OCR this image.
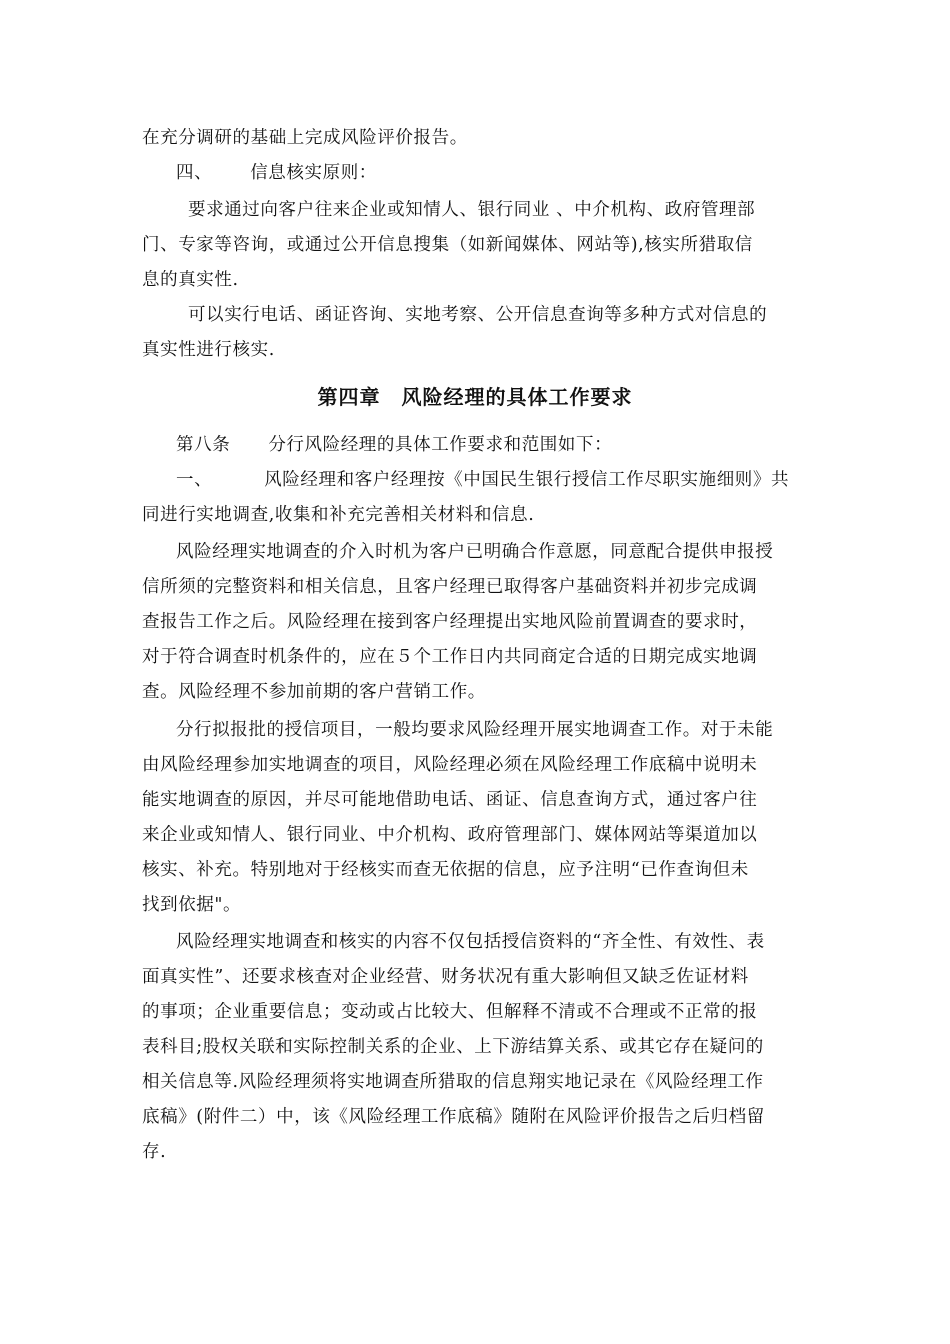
在充分调研的基础上完成风险评价报告。
四、 信息核实原则：
要求通过向客户往来企业或知情人、银行同业 、中介机构、政府管理部
门、专家等咨询，或通过公开信息搜集（如新闻媒体、网站等),核实所猎取信
息的真实性.
可以实行电话、函证咨询、实地考察、公开信息查询等多种方式对信息的
真实性进行核实.
第四章　风险经理的具体工作要求
第八条 分行风险经理的具体工作要求和范围如下：
一、	风险经理和客户经理按《中国民生银行授信工作尽职实施细则》共
同进行实地调查,收集和补充完善相关材料和信息.
风险经理实地调查的介入时机为客户已明确合作意愿，同意配合提供申报授
信所须的完整资料和相关信息，且客户经理已取得客户基础资料并初步完成调
查报告工作之后。风险经理在接到客户经理提出实地风险前置调查的要求时，
对于符合调查时机条件的，应在５个工作日内共同商定合适的日期完成实地调
查。风险经理不参加前期的客户营销工作。
分行拟报批的授信项目，一般均要求风险经理开展实地调查工作。对于未能
由风险经理参加实地调查的项目，风险经理必须在风险经理工作底稿中说明未
能实地调查的原因，并尽可能地借助电话、函证、信息查询方式，通过客户往
来企业或知情人、银行同业、中介机构、政府管理部门、媒体网站等渠道加以
核实、补充。特别地对于经核实而查无依据的信息，应予注明“已作查询但未
找到依据"。
风险经理实地调查和核实的内容不仅包括授信资料的“齐全性、有效性、表
面真实性”、还要求核查对企业经营、财务状况有重大影响但又缺乏佐证材料
的事项；企业重要信息；变动或占比较大、但解释不清或不合理或不正常的报
表科目;股权关联和实际控制关系的企业、上下游结算关系、或其它存在疑问的
相关信息等.风险经理须将实地调查所猎取的信息翔实地记录在《风险经理工作
底稿》(附件二）中，该《风险经理工作底稿》随附在风险评价报告之后归档留
存.
